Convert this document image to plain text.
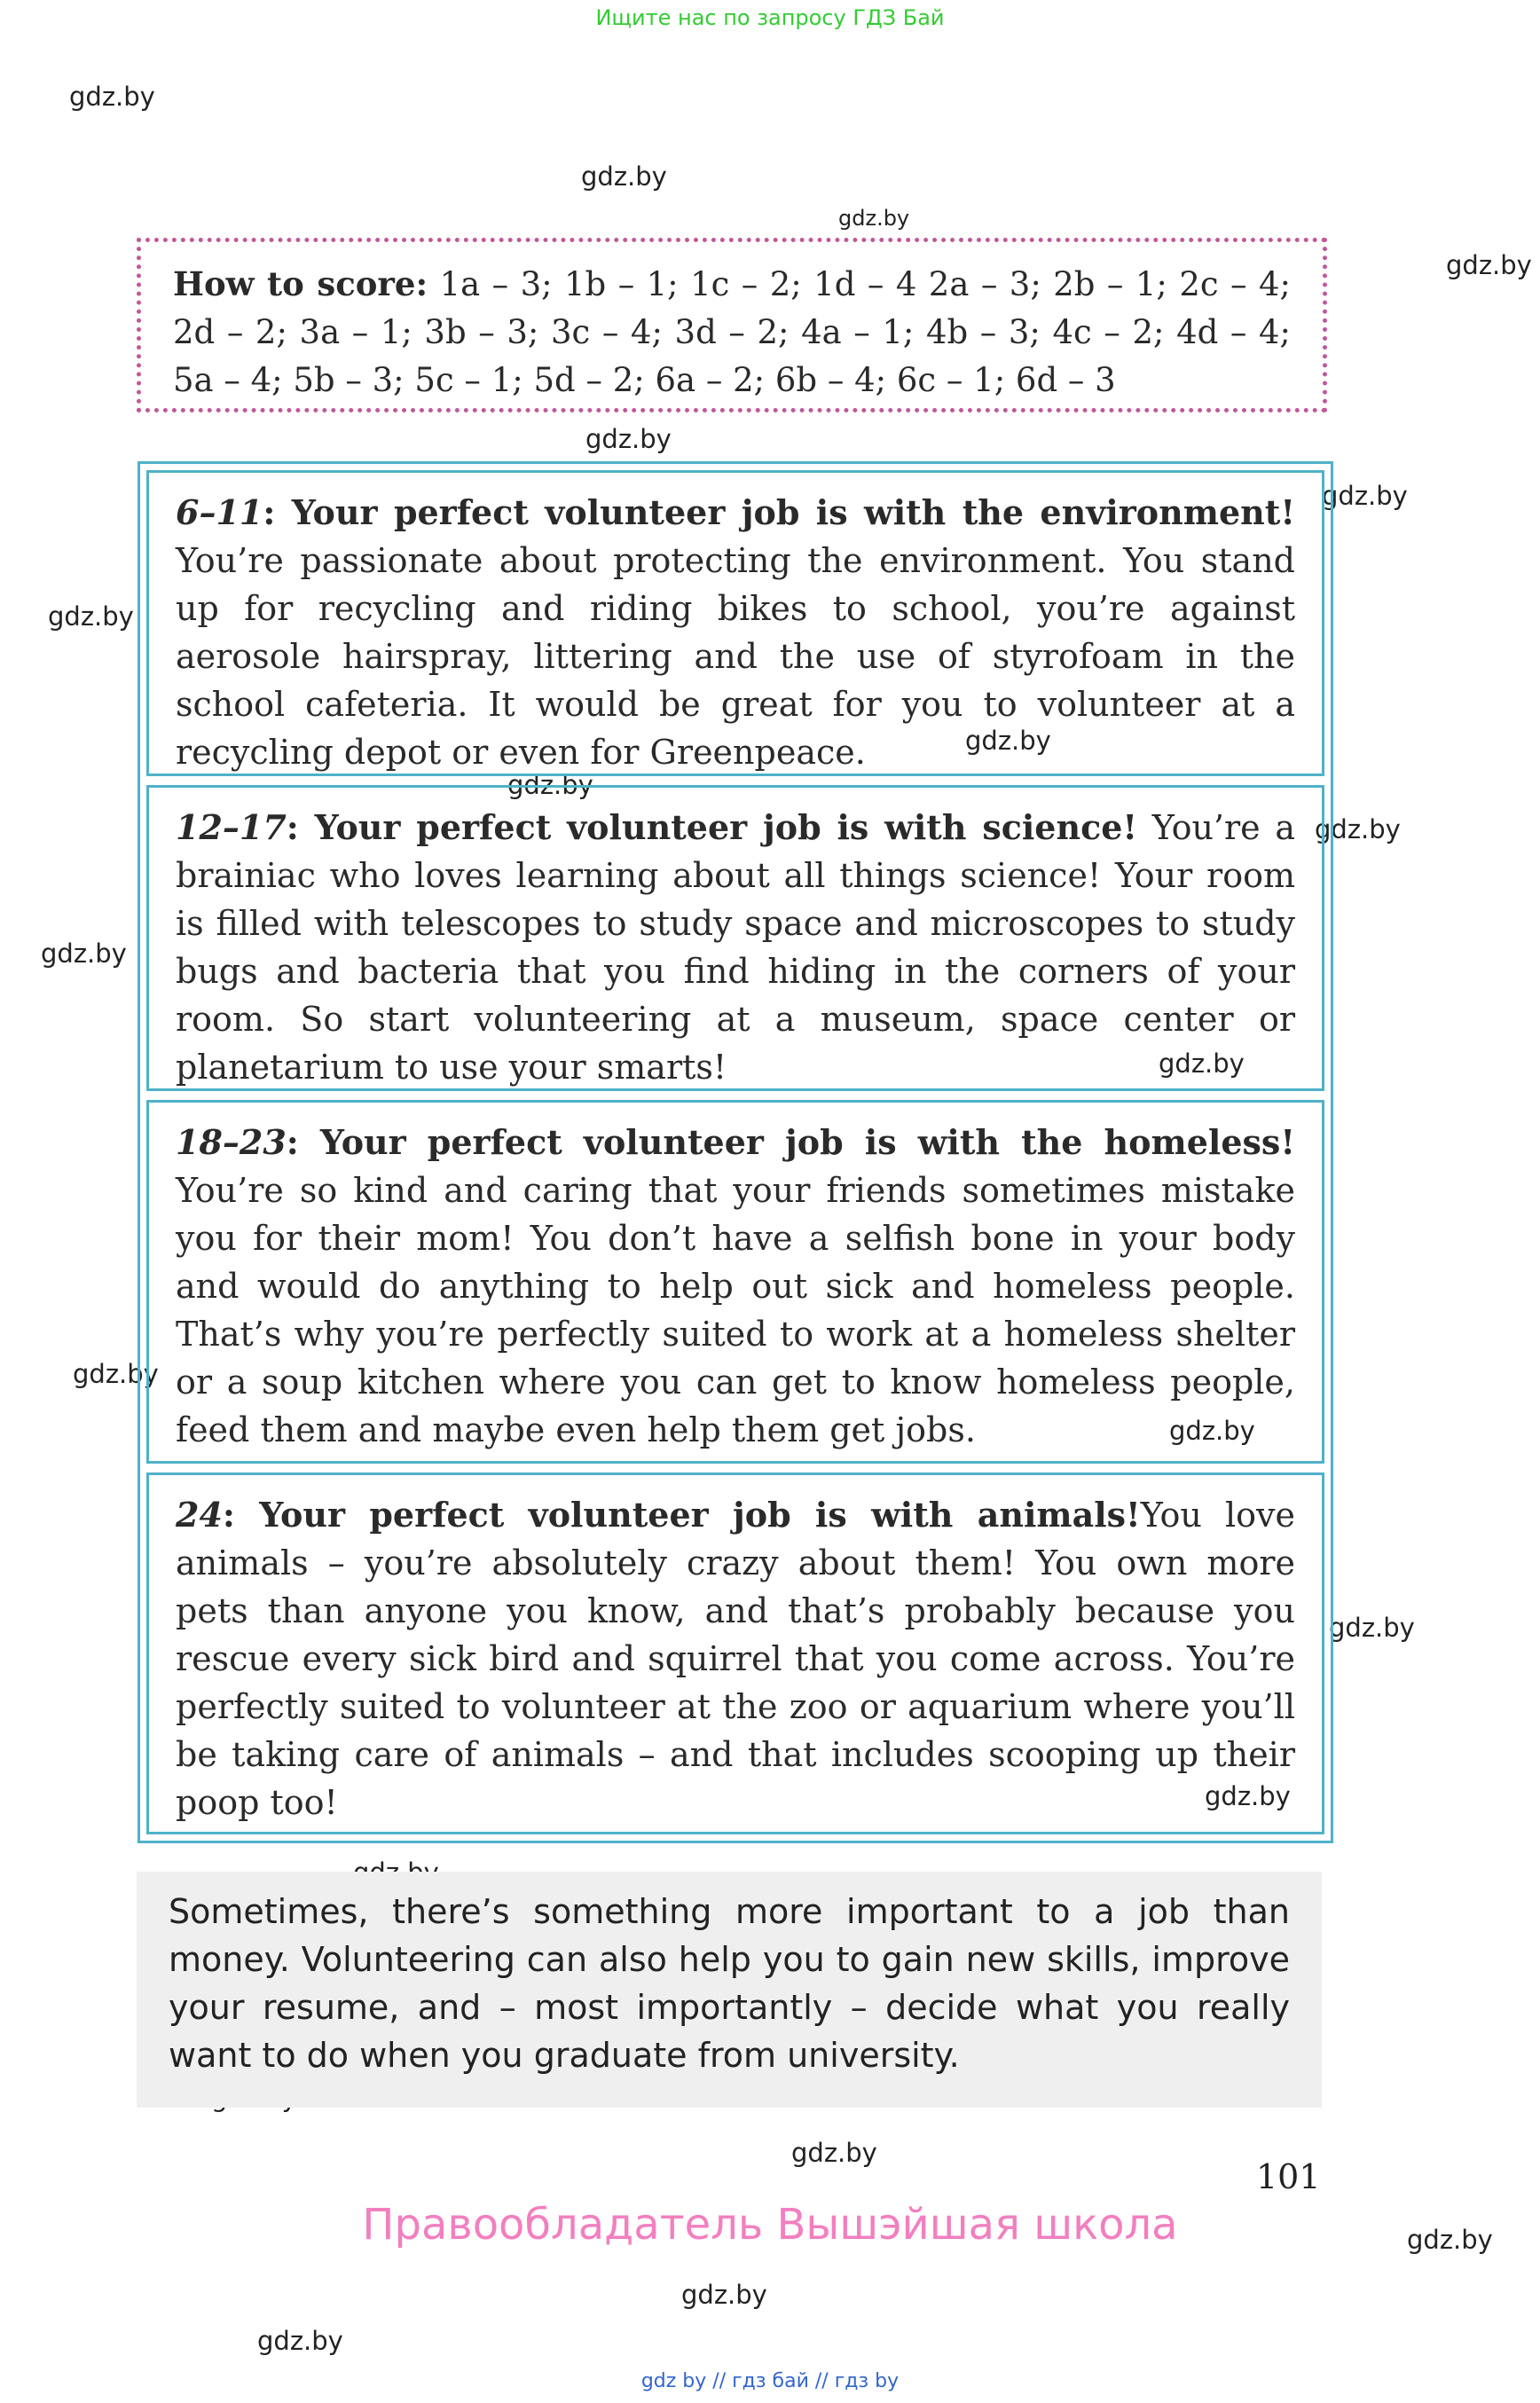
Ищите нас по запросу ГДЗ Бай
gdz.by
gdz.by
gdz.by
gdz.by
gdz.by
gdz.by
gdz.by
gdz.by
gdz.by
gdz.by
gdz.by
gdz.by
gdz.by
gdz.by
gdz.by
gdz.by
gdz.by
gdz.by
gdz.by
gdz.by
How to score: 1a – 3; 1b – 1; 1c – 2; 1d – 4 2a – 3; 2b – 1; 2c – 4; 2d – 2; 3a – 1; 3b – 3; 3c – 4; 3d – 2; 4a – 1; 4b – 3; 4c – 2; 4d – 4; 5a – 4; 5b – 3; 5c – 1; 5d – 2; 6a – 2; 6b – 4; 6c – 1; 6d – 3
6–11: Your perfect volunteer job is with the environment! You’re passionate about protecting the environment. You stand up for recycling and riding bikes to school, you’re against aerosole hairspray, littering and the use of styrofoam in the school cafeteria. It would be great for you to volunteer at a recycling depot or even for Greenpeace.
12–17: Your perfect volunteer job is with science! You’re a brainiac who loves learning about all things science! Your room is filled with telescopes to study space and microscopes to study bugs and bacteria that you find hiding in the corners of your room. So start volunteering at a museum, space center or planetarium to use your smarts!
18–23: Your perfect volunteer job is with the homeless! You’re so kind and caring that your friends sometimes mistake you for their mom! You don’t have a selfish bone in your body and would do anything to help out sick and homeless people. That’s why you’re perfectly suited to work at a homeless shelter or a soup kitchen where you can get to know homeless people, feed them and maybe even help them get jobs.
24: Your perfect volunteer job is with animals!You love animals – you’re absolutely crazy about them! You own more pets than anyone you know, and that’s probably because you rescue every sick bird and squirrel that you come across. You’re perfectly suited to volunteer at the zoo or aquarium where you’ll be taking care of animals – and that includes scooping up their poop too!
Sometimes, there’s something more important to a job than money. Volunteering can also help you to gain new skills, improve your resume, and – most importantly – decide what you really want to do when you graduate from university.
101
Правообладатель Вышэйшая школа
gdz by // гдз бай // гдз by
